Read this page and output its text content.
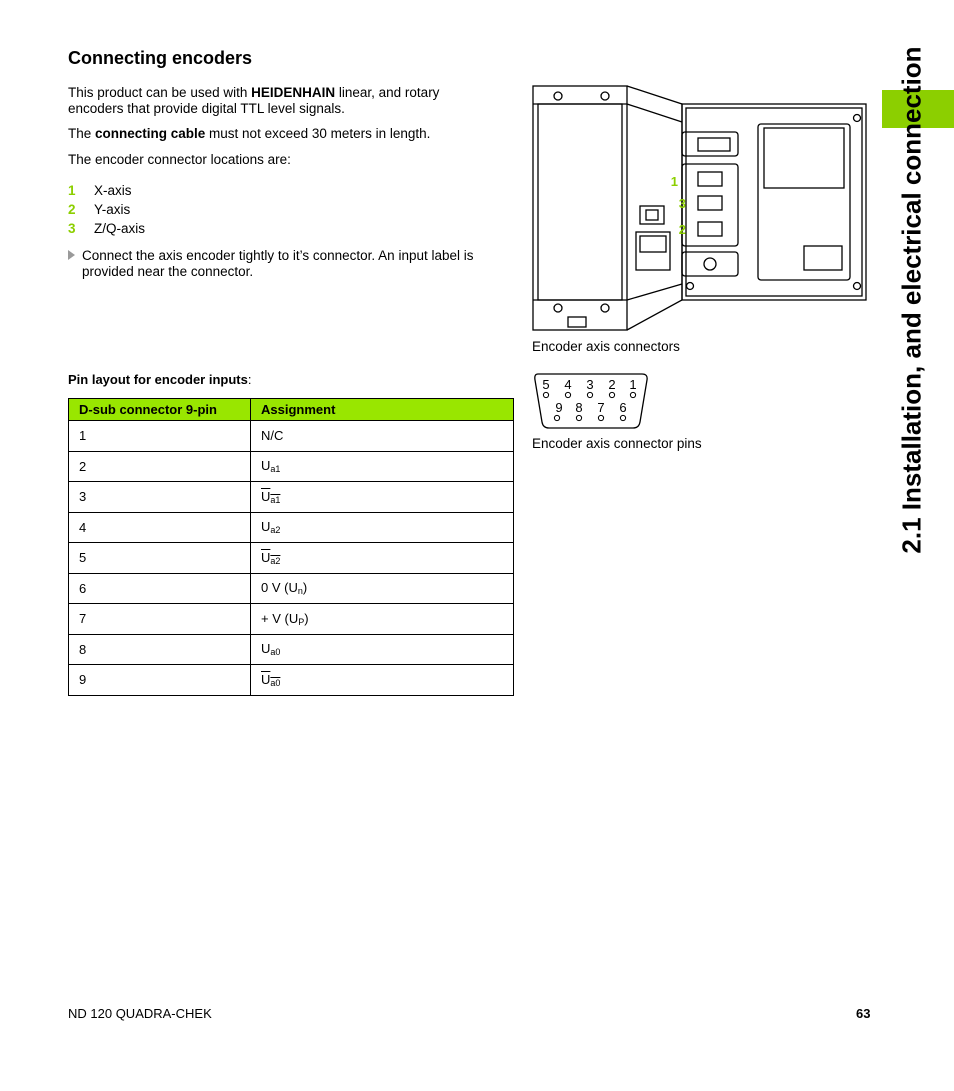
Connecting encoders
This product can be used with HEIDENHAIN linear, and rotary
encoders that provide digital TTL level signals.
The connecting cable must not exceed 30 meters in length.
The encoder connector locations are:
1 X-axis
2 Y-axis
3 Z/Q-axis
Connect the axis encoder tightly to it’s connector. An input label is
provided near the connector.
Pin layout for encoder inputs:
D-sub connector 9-pin	Assignment
1	N/C
2	$U_{a1}$
3	$U_{a1}$
4	$U_{a2}$
5	$U_{a2}$
6	0 V $(U_n)$
7	+ V $(U_P)$
8	$U_{a0}$
9	$U_{a0}$
1
3
2
Encoder axis connectors
5 4 3 2 1
9 8 7 6
Encoder axis connector pins	2.1 Installation, and electrical connection
ND 120 QUADRA-CHEK	63
